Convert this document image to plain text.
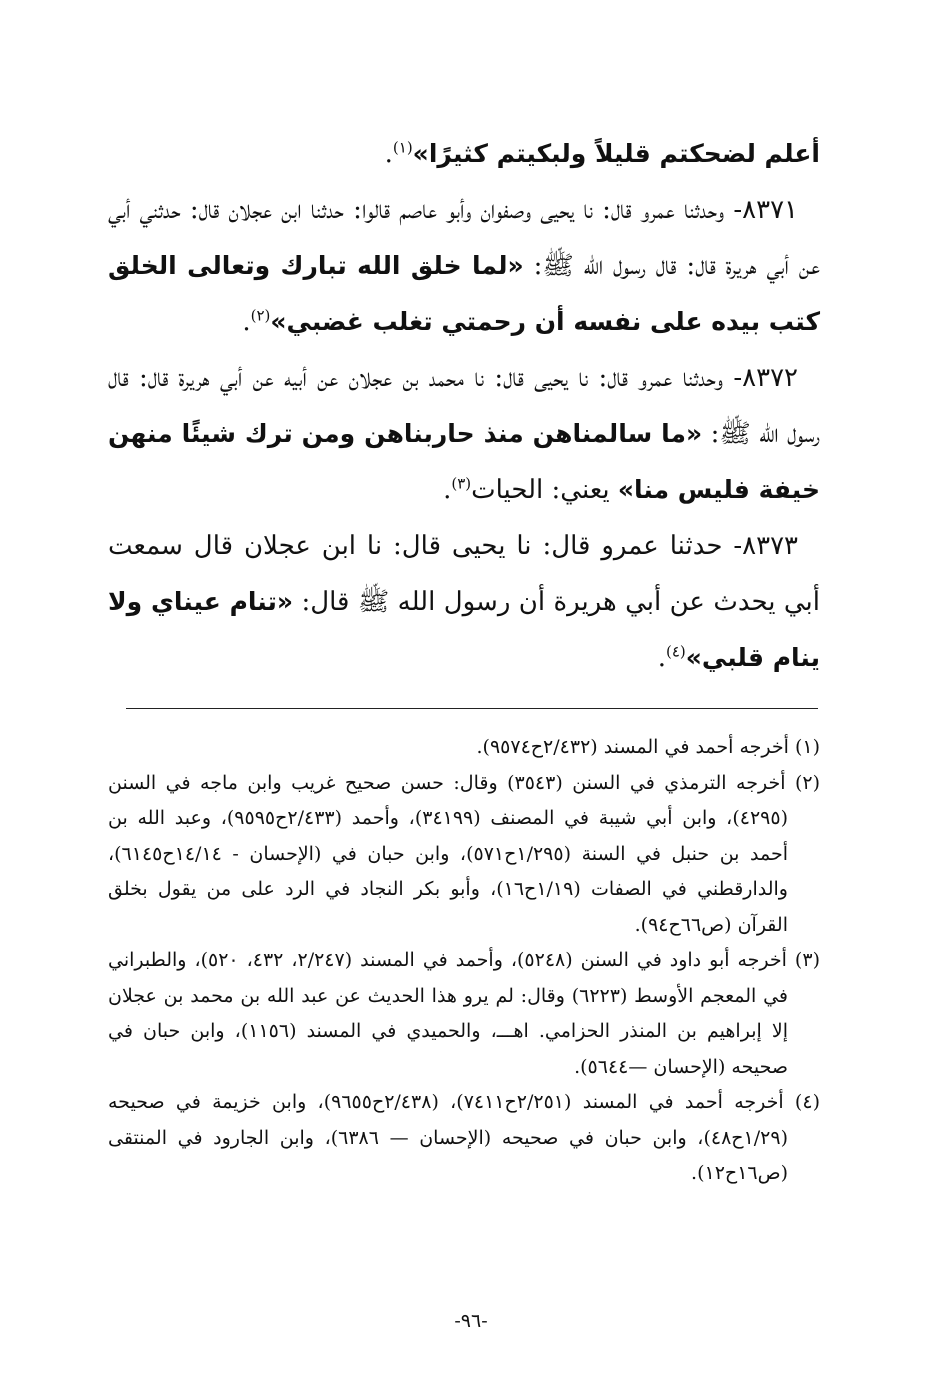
أعلم لضحكتم قليلاً ولبكيتم كثيرًا»$^{(١)}$.

٨٣٧١- وحدثنا عمرو قال: نا يحيى وصفوان وأبو عاصم قالوا: حدثنا ابن عجلان قال: حدثني أبي عن أبي هريرة قال: قال رسول الله ﷺ: «لما خلق الله تبارك وتعالى الخلق كتب بيده على نفسه أن رحمتي تغلب غضبي»$^{(٢)}$.

٨٣٧٢- وحدثنا عمرو قال: نا يحيى قال: نا محمد بن عجلان عن أبيه عن أبي هريرة قال: قال رسول الله ﷺ: «ما سالمناهن منذ حاربناهن ومن ترك شيئًا منهن خيفة فليس منا» يعني: الحيات$^{(٣)}$.

٨٣٧٣- حدثنا عمرو قال: نا يحيى قال: نا ابن عجلان قال سمعت أبي يحدث عن أبي هريرة أن رسول الله ﷺ قال: «تنام عيناي ولا ينام قلبي»$^{(٤)}$.

(١) أخرجه أحمد في المسند (٢/٤٣٢ح٩٥٧٤).

(٢) أخرجه الترمذي في السنن (٣٥٤٣) وقال: حسن صحيح غريب وابن ماجه في السنن (٤٢٩٥)، وابن أبي شيبة في المصنف (٣٤١٩٩)، وأحمد (٢/٤٣٣ح٩٥٩٥)، وعبد الله بن أحمد بن حنبل في السنة (١/٢٩٥ح٥٧١)، وابن حبان في (الإحسان - ١٤/١٤ح٦١٤٥)، والدارقطني في الصفات (١/١٩ح١٦)، وأبو بكر النجاد في الرد على من يقول بخلق القرآن (ص٦٦ح٩٤).

(٣) أخرجه أبو داود في السنن (٥٢٤٨)، وأحمد في المسند (٢/٢٤٧، ٤٣٢، ٥٢٠)، والطبراني في المعجم الأوسط (٦٢٢٣) وقال: لم يرو هذا الحديث عن عبد الله بن محمد بن عجلان إلا إبراهيم بن المنذر الحزامي. اهـــ، والحميدي في المسند (١١٥٦)، وابن حبان في صحيحه (الإحسان —٥٦٤٤).

(٤) أخرجه أحمد في المسند (٢/٢٥١ح٧٤١١)، (٢/٤٣٨ح٩٦٥٥)، وابن خزيمة في صحيحه (١/٢٩ح٤٨)، وابن حبان في صحيحه (الإحسان — ٦٣٨٦)، وابن الجارود في المنتقى (ص١٦ح١٢).

-٩٦-
